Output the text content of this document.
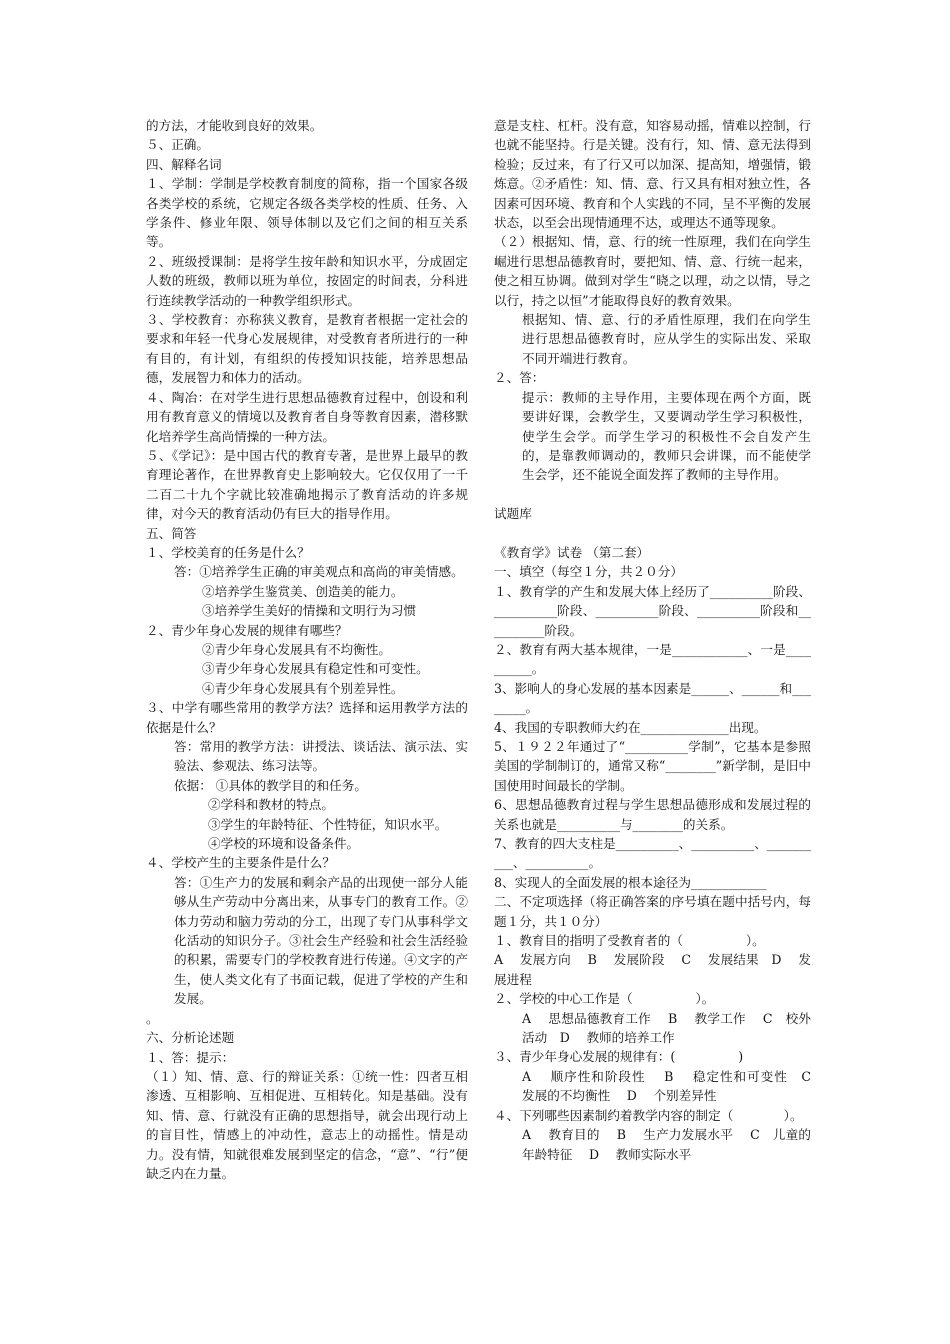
的方法，才能收到良好的效果。

５、正确。

四、解释名词

１、学制：学制是学校教育制度的简称，指一个国家各级各类学校的系统，它规定各级各类学校的性质、任务、入学条件、修业年限、领导体制以及它们之间的相互关系等。

２、班级授课制：是将学生按年龄和知识水平，分成固定人数的班级，教师以班为单位，按固定的时间表，分科进行连续教学活动的一种教学组织形式。

３、学校教育：亦称狭义教育，是教育者根据一定社会的要求和年轻一代身心发展规律，对受教育者所进行的一种有目的，有计划，有组织的传授知识技能，培养思想品德，发展智力和体力的活动。

４、陶冶：在对学生进行思想品德教育过程中，创设和利用有教育意义的情境以及教育者自身等教育因素，潜移默化培养学生高尚情操的一种方法。

５、《学记》：是中国古代的教育专著，是世界上最早的教育理论著作，在世界教育史上影响较大。它仅仅用了一千二百二十九个字就比较准确地揭示了教育活动的许多规律，对今天的教育活动仍有巨大的指导作用。

五、简答

１、学校美育的任务是什么？

答：①培养学生正确的审美观点和高尚的审美情感。

②培养学生鉴赏美、创造美的能力。

③培养学生美好的情操和文明行为习惯

２、青少年身心发展的规律有哪些？

②青少年身心发展具有不均衡性。

③青少年身心发展具有稳定性和可变性。

④青少年身心发展具有个别差异性。

３、中学有哪些常用的教学方法？选择和运用教学方法的依据是什么？

答：常用的教学方法：讲授法、谈话法、演示法、实验法、参观法、练习法等。

依据： ①具体的教学目的和任务。

②学科和教材的特点。

③学生的年龄特征、个性特征，知识水平。

④学校的环境和设备条件。

４、学校产生的主要条件是什么？

答：①生产力的发展和剩余产品的出现使一部分人能够从生产劳动中分离出来，从事专门的教育工作。②体力劳动和脑力劳动的分工，出现了专门从事科学文化活动的知识分子。③社会生产经验和社会生活经验的积累，需要专门的学校教育进行传递。④文字的产生，使人类文化有了书面记载，促进了学校的产生和发展。

。

六、分析论述题

１、答：提示：

（１）知、情、意、行的辩证关系：①统一性：四者互相渗透、互相影响、互相促进、互相转化。知是基础。没有知、情、意、行就没有正确的思想指导，就会出现行动上的盲目性，情感上的冲动性，意志上的动摇性。情是动力。没有情，知就很难发展到坚定的信念，“意”、“行”便缺乏内在力量。

意是支柱、杠杆。没有意，知容易动摇，情难以控制，行也就不能坚持。行是关键。没有行，知、情、意无法得到检验；反过来，有了行又可以加深、提高知，增强情，锻炼意。②矛盾性：知、情、意、行又具有相对独立性，各因素可因环境、教育和个人实践的不同，呈不平衡的发展状态，以至会出现情通理不达，或理达不通等现象。

（２）根据知、情，意、行的统一性原理，我们在向学生崛进行思想品德教育时，要把知、情、意、行统一起来，使之相互协调。做到对学生“晓之以理，动之以情，导之以行，持之以恒”才能取得良好的教育效果。

根据知、情、意、行的矛盾性原理，我们在向学生进行思想品德教育时，应从学生的实际出发、采取不同开端进行教育。

２、答：

提示：教师的主导作用，主要体现在两个方面，既要讲好课，会教学生，又要调动学生学习积极性，使学生会学。而学生学习的积极性不会自发产生的，是靠教师调动的，教师只会讲课，而不能使学生会学，还不能说全面发挥了教师的主导作用。

试题库

《教育学》试卷 （第二套）

一、填空（每空１分，共２０分）

１、教育学的产生和发展大体上经历了__________阶段、__________阶段、__________阶段、__________阶段和__________阶段。

２、教育有两大基本规律，一是____________、一是__________。

3、影响人的身心发展的基本因素是______、______和________。

4、我国的专职教师大约在______________出现。

5、１９２２年通过了“__________学制”，它基本是参照美国的学制制订的，通常又称“________”新学制，是旧中国使用时间最长的学制。

6、思想品德教育过程与学生思想品德形成和发展过程的关系也就是__________与________的关系。

7、教育的四大支柱是__________、__________、__________、__________。

8、实现人的全面发展的根本途径为____________

二、不定项选择（将正确答案的序号填在题中括号内，每题１分，共１０分）

１、教育目的指明了受教育者的（　　　　　）。

A　 发展方向　 B　 发展阶段　 C　 发展结果　D　 发展进程

２、学校的中心工作是（　　　　　）。

A　 思想品德教育工作　 B　 教学工作　 C　校外活动　D　 教师的培养工作

３、青少年身心发展的规律有：(　　　　　)

A　 顺序性和阶段性　 B　 稳定性和可变性　C　发展的不均衡性　 D　 个别差异性

４、下列哪些因素制约着教学内容的制定（　　　　）。

A　 教育目的　 B　 生产力发展水平　 C　儿童的年龄特征　 D　 教师实际水平
